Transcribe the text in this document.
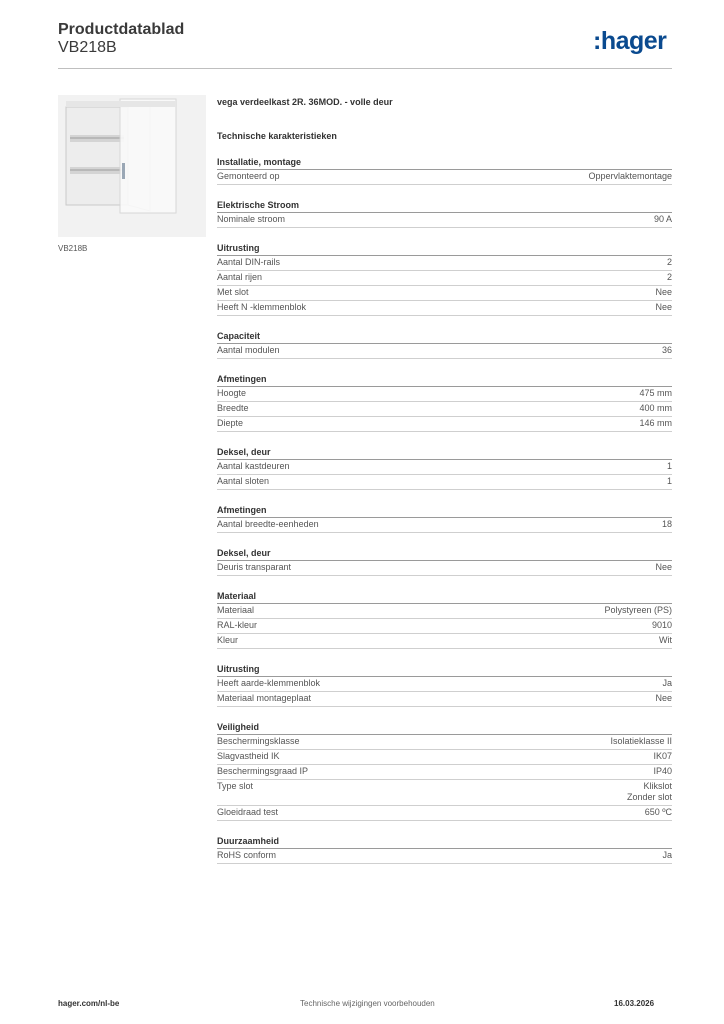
Productdatablad
VB218B	:hager
VB218B
vega verdeelkast 2R. 36MOD. - volle deur
Technische karakteristieken
Installatie, montage
Gemonteerd op	Oppervlaktemontage
Elektrische Stroom
Nominale stroom	90 A
Uitrusting
Aantal DIN-rails	2
Aantal rijen	2
Met slot	Nee
Heeft N -klemmenblok	Nee
Capaciteit
Aantal modulen	36
Afmetingen
Hoogte	475 mm
Breedte	400 mm
Diepte	146 mm
Deksel, deur
Aantal kastdeuren	1
Aantal sloten	1
Afmetingen
Aantal breedte-eenheden	18
Deksel, deur
Deuris transparant	Nee
Materiaal
Materiaal	Polystyreen (PS)
RAL-kleur	9010
Kleur	Wit
Uitrusting
Heeft aarde-klemmenblok	Ja
Materiaal montageplaat	Nee
Veiligheid
Beschermingsklasse	Isolatieklasse II
Slagvastheid IK	IK07
Beschermingsgraad IP	IP40
Type slot	Klikslot
Zonder slot
Gloeidraad test	650 ºC
Duurzaamheid
RoHS conform	Ja
hager.com/nl-be	Technische wijzigingen voorbehouden	16.03.2026
